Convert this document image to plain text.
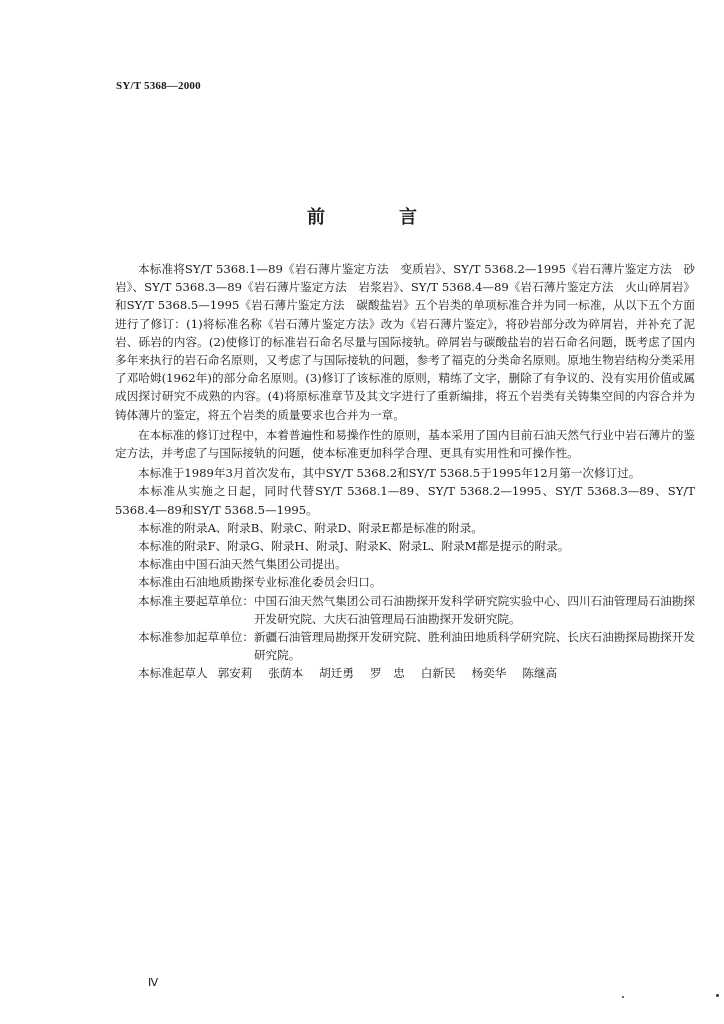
SY/T 5368—2000

前　言

本标准将SY/T 5368.1—89《岩石薄片鉴定方法　变质岩》、SY/T 5368.2—1995《岩石薄片鉴定方法　砂岩》、SY/T 5368.3—89《岩石薄片鉴定方法　岩浆岩》、SY/T 5368.4—89《岩石薄片鉴定方法　火山碎屑岩》和SY/T 5368.5—1995《岩石薄片鉴定方法　碳酸盐岩》五个岩类的单项标准合并为同一标准，从以下五个方面进行了修订：(1)将标准名称《岩石薄片鉴定方法》改为《岩石薄片鉴定》，将砂岩部分改为碎屑岩，并补充了泥岩、砾岩的内容。(2)使修订的标准岩石命名尽量与国际接轨。碎屑岩与碳酸盐岩的岩石命名问题，既考虑了国内多年来执行的岩石命名原则，又考虑了与国际接轨的问题，参考了福克的分类命名原则。原地生物岩结构分类采用了邓哈姆(1962年)的部分命名原则。(3)修订了该标准的原则，精练了文字，删除了有争议的、没有实用价值或属成因探讨研究不成熟的内容。(4)将原标准章节及其文字进行了重新编排，将五个岩类有关铸集空间的内容合并为铸体薄片的鉴定，将五个岩类的质量要求也合并为一章。

在本标准的修订过程中，本着普遍性和易操作性的原则，基本采用了国内目前石油天然气行业中岩石薄片的鉴定方法，并考虑了与国际接轨的问题，使本标准更加科学合理、更具有实用性和可操作性。

本标准于1989年3月首次发布，其中SY/T 5368.2和SY/T 5368.5于1995年12月第一次修订过。

本标准从实施之日起，同时代替SY/T 5368.1—89、SY/T 5368.2—1995、SY/T 5368.3—89、SY/T 5368.4—89和SY/T 5368.5—1995。

本标准的附录A、附录B、附录C、附录D、附录E都是标准的附录。

本标准的附录F、附录G、附录H、附录J、附录K、附录L、附录M都是提示的附录。

本标准由中国石油天然气集团公司提出。

本标准由石油地质勘探专业标准化委员会归口。

本标准主要起草单位： 中国石油天然气集团公司石油勘探开发科学研究院实验中心、四川石油管理局石油勘探开发研究院、大庆石油管理局石油勘探开发研究院。
本标准参加起草单位： 新疆石油管理局勘探开发研究院、胜利油田地质科学研究院、长庆石油勘探局勘探开发研究院。

本标准起草人 郭安莉 张荫本 胡迁勇 罗　忠 白新民 杨奕华 陈继高

Ⅳ
